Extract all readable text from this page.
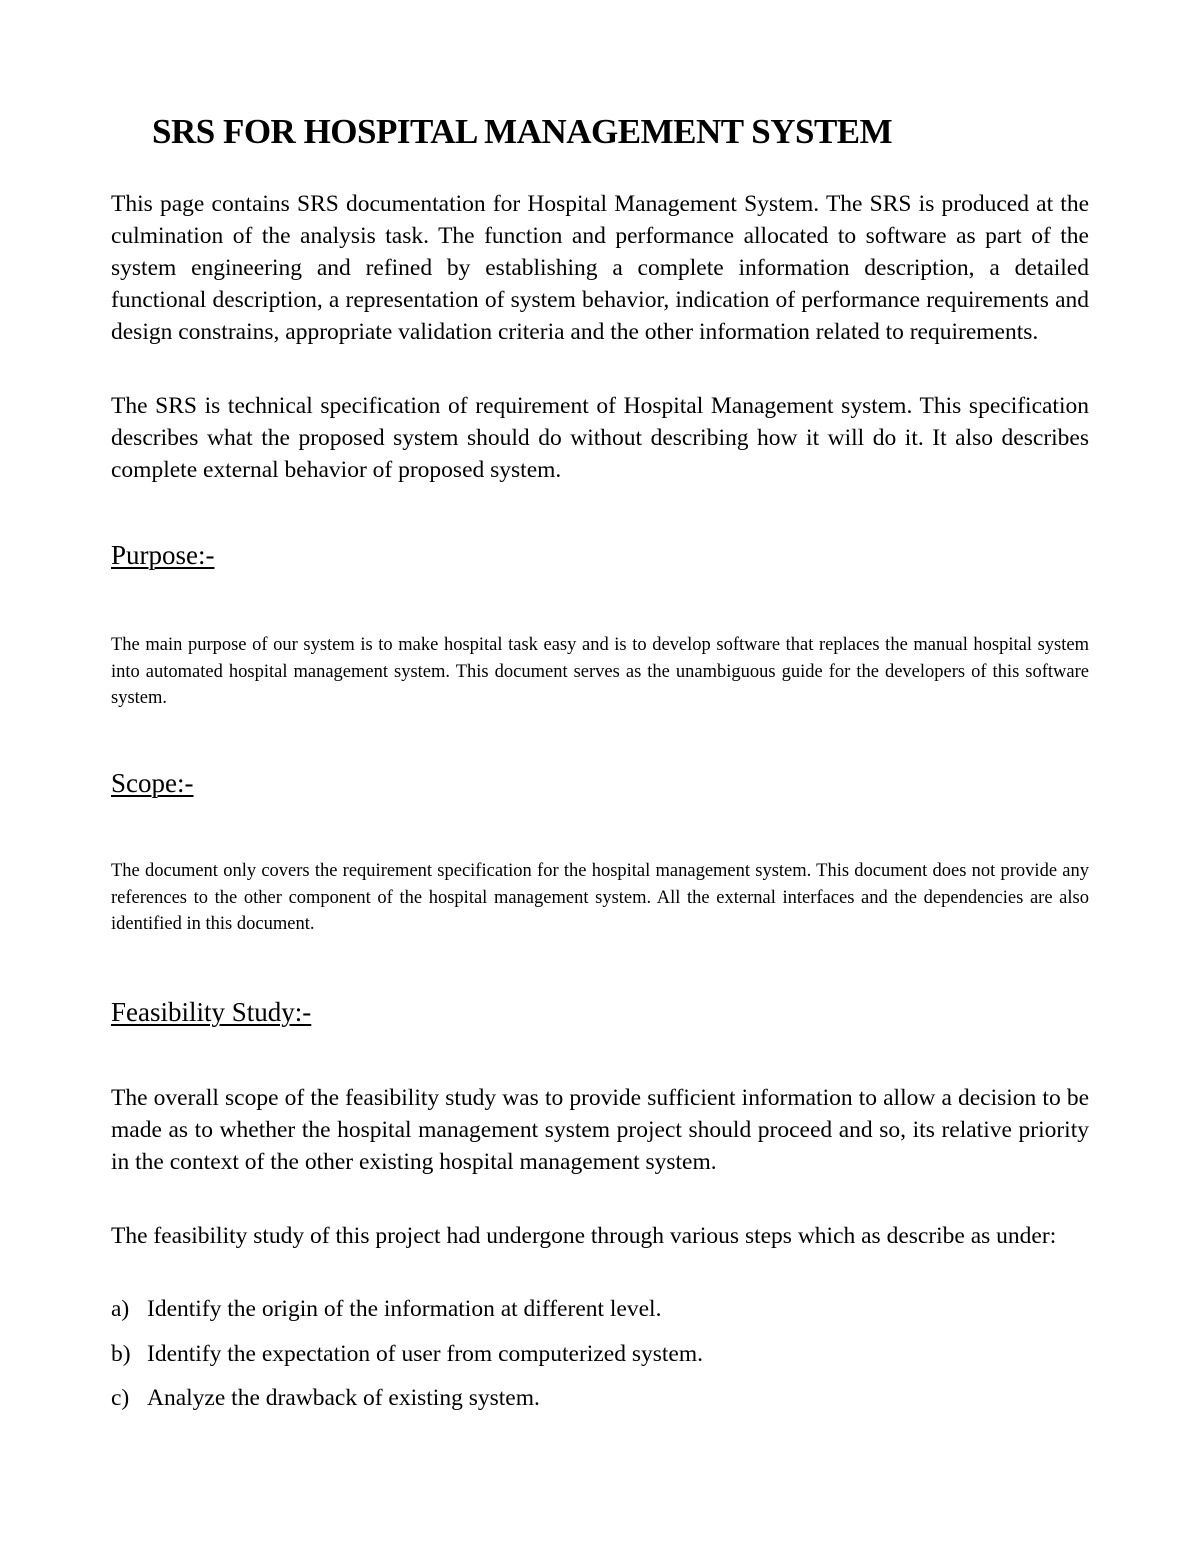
SRS FOR HOSPITAL MANAGEMENT SYSTEM

This page contains SRS documentation for Hospital Management System. The SRS is produced at the culmination of the analysis task. The function and performance allocated to software as part of the system engineering and refined by establishing a complete information description, a detailed functional description, a representation of system behavior, indication of performance requirements and design constrains, appropriate validation criteria and the other information related to requirements.

The SRS is technical specification of requirement of Hospital Management system. This specification describes what the proposed system should do without describing how it will do it. It also describes complete external behavior of proposed system.

Purpose:-

The main purpose of our system is to make hospital task easy and is to develop software that replaces the manual hospital system into automated hospital management system. This document serves as the unambiguous guide for the developers of this software system.

Scope:-

The document only covers the requirement specification for the hospital management system. This document does not provide any references to the other component of the hospital management system. All the external interfaces and the dependencies are also identified in this document.

Feasibility Study:-

The overall scope of the feasibility study was to provide sufficient information to allow a decision to be made as to whether the hospital management system project should proceed and so, its relative priority in the context of the other existing hospital management system.

The feasibility study of this project had undergone through various steps which as describe as under:

a) Identify the origin of the information at different level.

b) Identify the expectation of user from computerized system.

c) Analyze the drawback of existing system.
